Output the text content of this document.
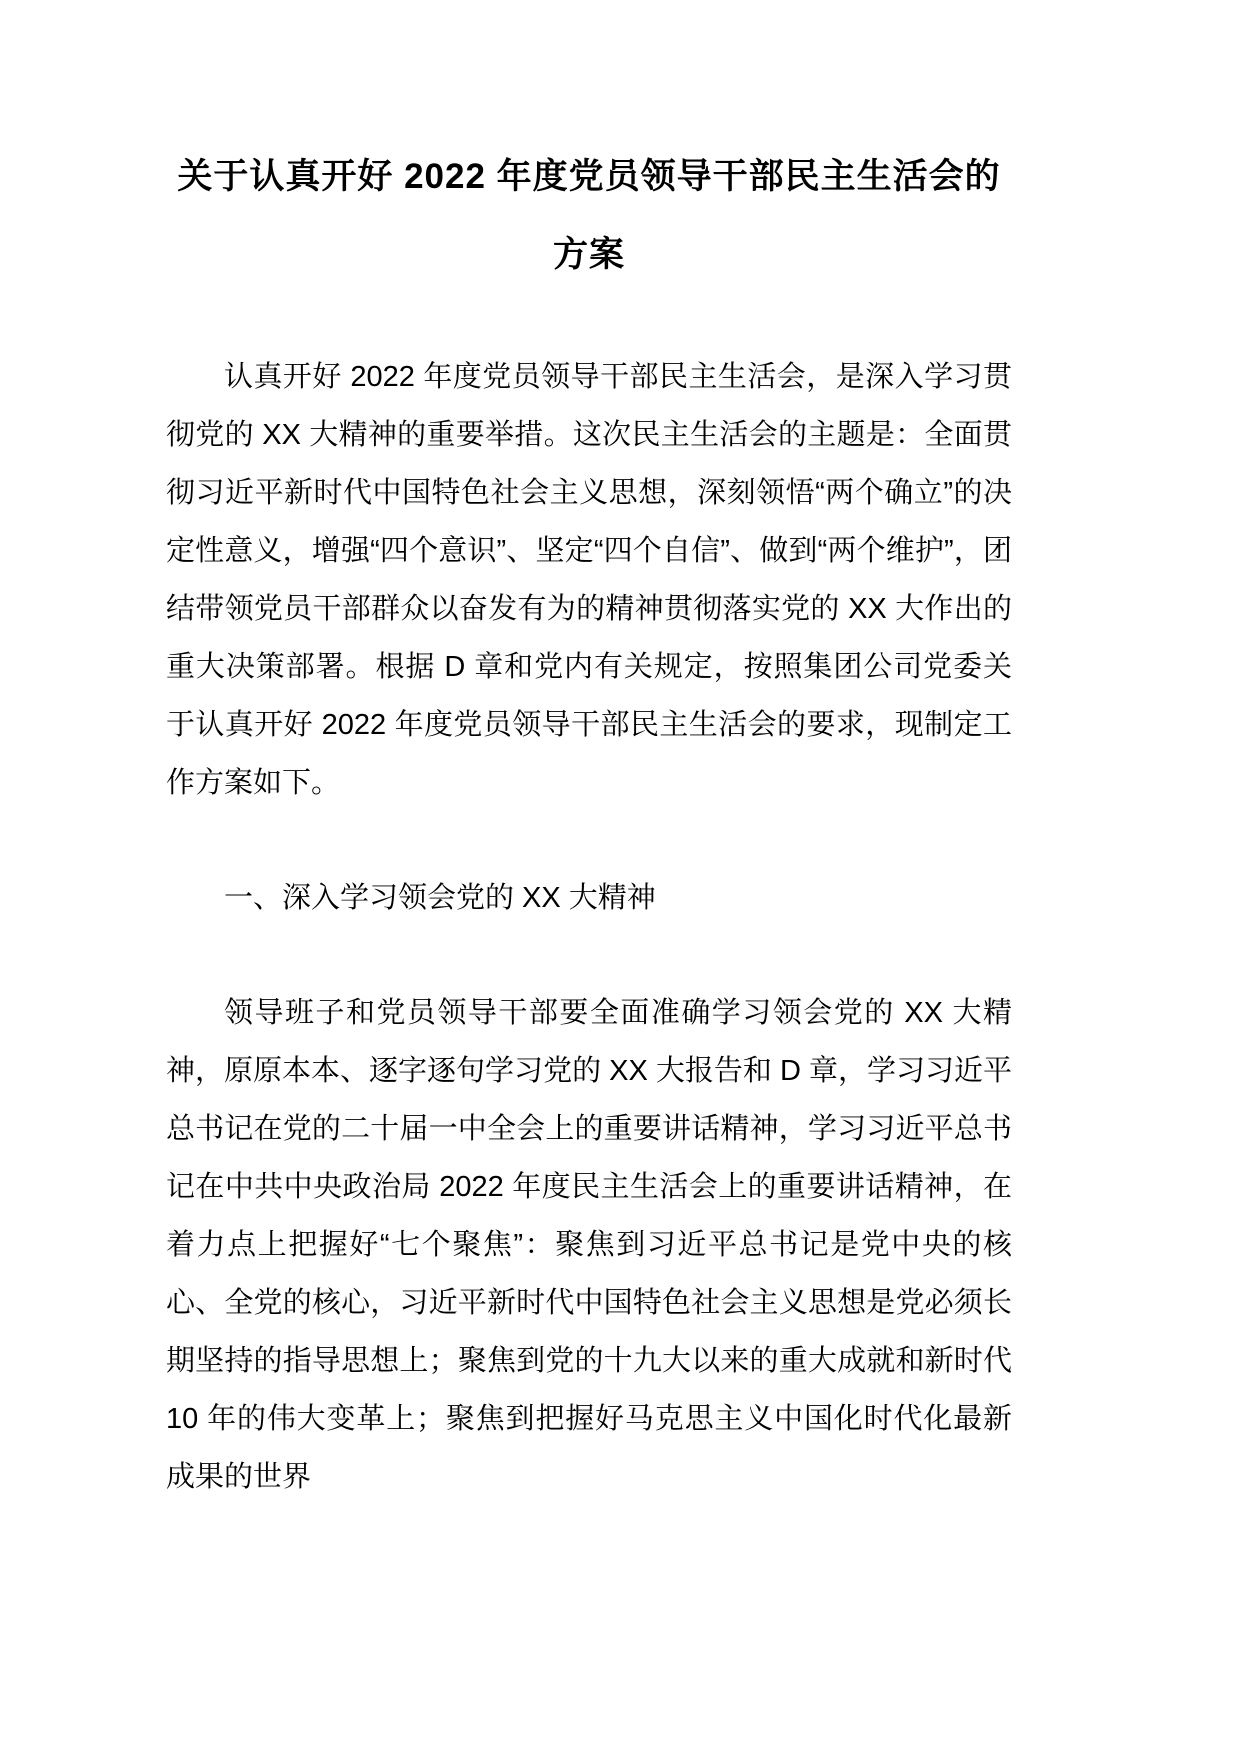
关于认真开好 2022 年度党员领导干部民主生活会的方案

认真开好 2022 年度党员领导干部民主生活会，是深入学习贯彻党的 XX 大精神的重要举措。这次民主生活会的主题是：全面贯彻习近平新时代中国特色社会主义思想，深刻领悟“两个确立”的决定性意义，增强“四个意识”、坚定“四个自信”、做到“两个维护”，团结带领党员干部群众以奋发有为的精神贯彻落实党的 XX 大作出的重大决策部署。根据 D 章和党内有关规定，按照集团公司党委关于认真开好 2022 年度党员领导干部民主生活会的要求，现制定工作方案如下。

一、深入学习领会党的 XX 大精神

领导班子和党员领导干部要全面准确学习领会党的 XX 大精神，原原本本、逐字逐句学习党的 XX 大报告和 D 章，学习习近平总书记在党的二十届一中全会上的重要讲话精神，学习习近平总书记在中共中央政治局 2022 年度民主生活会上的重要讲话精神，在着力点上把握好“七个聚焦”：聚焦到习近平总书记是党中央的核心、全党的核心，习近平新时代中国特色社会主义思想是党必须长期坚持的指导思想上；聚焦到党的十九大以来的重大成就和新时代 10 年的伟大变革上；聚焦到把握好马克思主义中国化时代化最新成果的世界
